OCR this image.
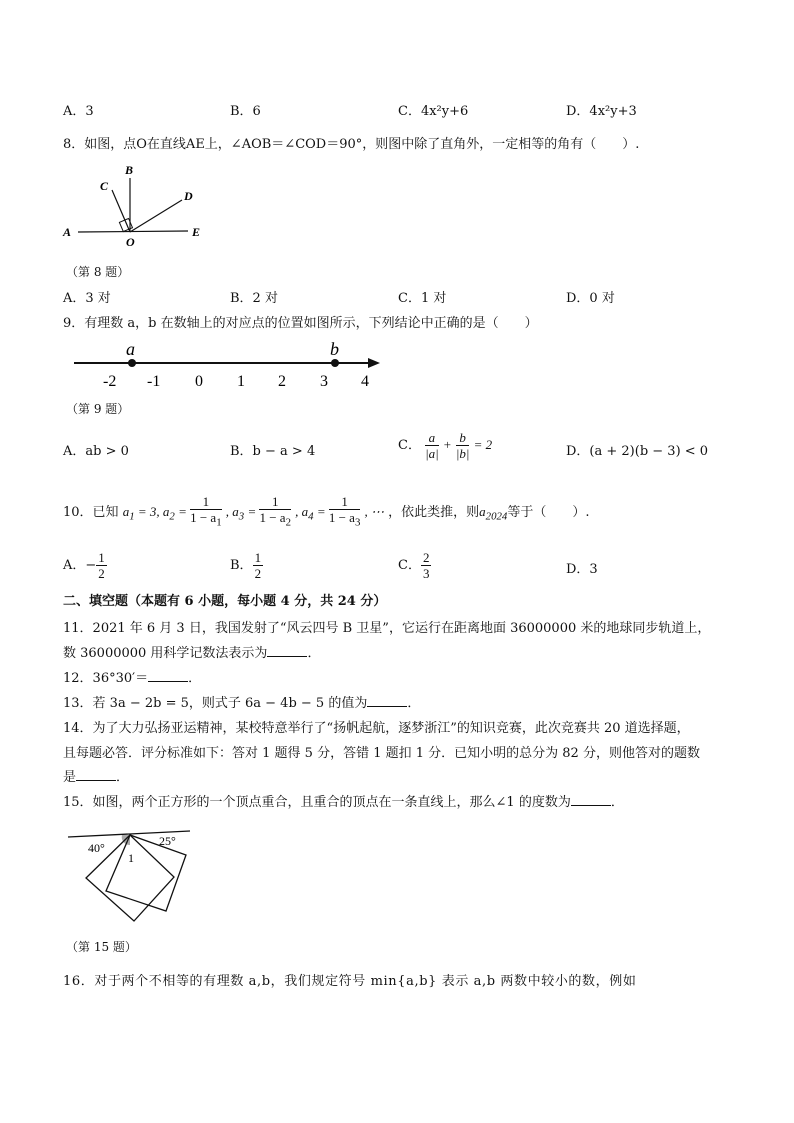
A．3	B．6	C．4x²y+6	D．4x²y+3
8．如图，点O在直线AE上，∠AOB＝∠COD＝90°，则图中除了直角外，一定相等的角有（　　）.
A
B
C
D
E
O
（第 8 题）
A．3 对	B．2 对	C．1 对	D．0 对
9．有理数 a，b 在数轴上的对应点的位置如图所示，下列结论中正确的是（　　）
a	b
-2 -1 0 1 2 3 4
（第 9 题）
A．ab > 0	B．b − a > 4	C． $\frac{a}{|a|} + \frac{b}{|b|} = 2$	D．(a + 2)(b − 3) < 0
10．已知 $a_1 = 3$, $a_2 = \frac{1}{1 - a_1}$ , $a_3 = \frac{1}{1 - a_2}$ , $a_4 = \frac{1}{1 - a_3}$ , ⋯ ，依此类推，则$a_{2024}$等于（　　）.
A．− $\frac{1}{2}$	B． $\frac{1}{2}$	C． $\frac{2}{3}$	D．3
二、填空题（本题有 6 小题，每小题 4 分，共 24 分）
11．2021 年 6 月 3 日，我国发射了“风云四号 B 卫星”，它运行在距离地面 36000000 米的地球同步轨道上，
数 36000000 用科学记数法表示为	．
12．36°30′＝	．
13．若 3a − 2b = 5，则式子 6a − 4b − 5 的值为	．
14．为了大力弘扬亚运精神，某校特意举行了“扬帆起航，逐梦浙江”的知识竞赛，此次竞赛共 20 道选择题，
且每题必答．评分标准如下：答对 1 题得 5 分，答错 1 题扣 1 分．已知小明的总分为 82 分，则他答对的题数
是	．
15．如图，两个正方形的一个顶点重合，且重合的顶点在一条直线上，那么∠1 的度数为	．
40°	25°
1
（第 15 题）
16．对于两个不相等的有理数 a,b，我们规定符号 min{a,b} 表示 a,b 两数中较小的数，例如
